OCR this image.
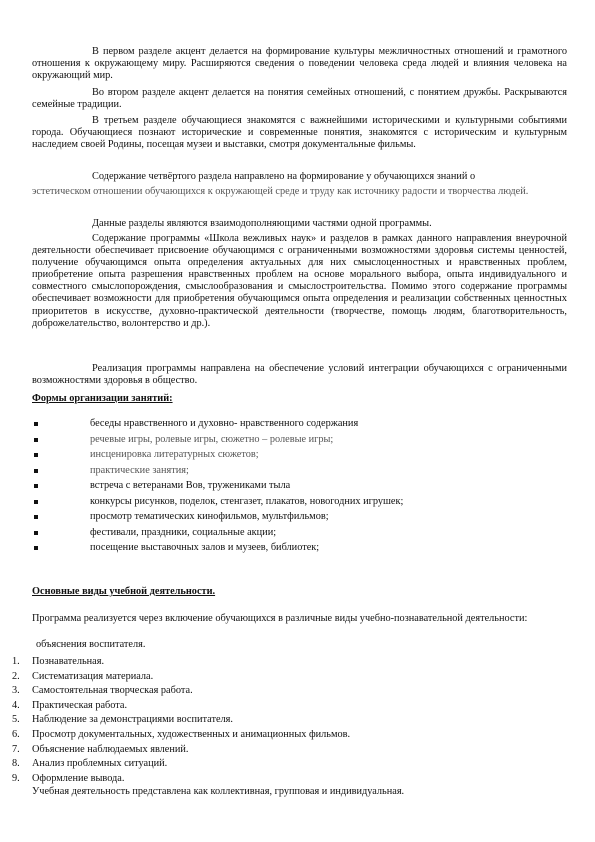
В первом разделе акцент делается на формирование культуры межличностных отношений и грамотного отношения к окружающему миру. Расширяются сведения о поведении человека среда людей и влияния человека на окружающий мир.

Во втором разделе акцент делается на понятия семейных отношений, с понятием дружбы. Раскрываются семейные традиции.

В третьем разделе обучающиеся знакомятся с важнейшими историческими и культурными событиями города. Обучающиеся познают исторические и современные понятия, знакомятся с историческим и культурным наследием своей Родины, посещая музеи и выставки, смотря документальные фильмы.

Содержание четвёртого раздела направлено на формирование у обучающихся знаний о

эстетическом отношении обучающихся к окружающей среде и труду как источнику радости и творчества людей.

Данные разделы являются взаимодополняющими частями одной программы.

Содержание программы «Школа вежливых наук» и разделов в рамках данного направления внеурочной деятельности обеспечивает присвоение обучающимся с ограниченными возможностями здоровья системы ценностей, получение обучающимся опыта определения актуальных для них смыслоценностных и нравственных проблем, приобретение опыта разрешения нравственных проблем на основе морального выбора, опыта индивидуального и совместного смыслопорождения, смыслообразования и смыслостроительства. Помимо этого содержание программы обеспечивает возможности для приобретения обучающимся опыта определения и реализации собственных ценностных приоритетов в искусстве, духовно-практической деятельности (творчестве, помощь людям, благотворительность, доброжелательство, волонтерство и др.).

Реализация программы направлена на обеспечение условий интеграции обучающихся с ограниченными возможностями здоровья в общество.

Формы организации занятий:
беседы нравственного и духовно- нравственного содержания
речевые игры, ролевые игры, сюжетно – ролевые игры;
инсценировка литературных сюжетов;
практические занятия;
встреча с ветеранами Вов, тружениками тыла
конкурсы рисунков, поделок, стенгазет, плакатов, новогодних игрушек;
просмотр тематических кинофильмов, мультфильмов;
фестивали, праздники, социальные акции;
посещение выставочных залов и музеев, библиотек;
Основные виды учебной деятельности.

Программа реализуется через включение обучающихся в различные виды учебно-познавательной деятельности:

объяснения воспитателя.
1. Познавательная.
2. Систематизация материала.
3. Самостоятельная творческая работа.
4. Практическая работа.
5. Наблюдение за демонстрациями воспитателя.
6. Просмотр документальных, художественных и анимационных фильмов.
7. Объяснение наблюдаемых явлений.
8. Анализ проблемных ситуаций.
9. Оформление вывода.
Учебная деятельность представлена как коллективная, групповая и индивидуальная.
